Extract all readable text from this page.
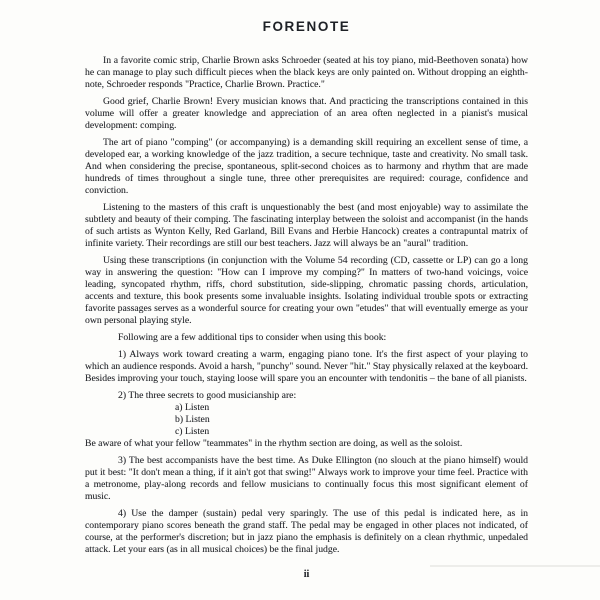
FORENOTE

In a favorite comic strip, Charlie Brown asks Schroeder (seated at his toy piano, mid-Beethoven sonata) how he can manage to play such difficult pieces when the black keys are only painted on. Without dropping an eighth-note, Schroeder responds "Practice, Charlie Brown. Practice."

Good grief, Charlie Brown! Every musician knows that. And practicing the transcriptions contained in this volume will offer a greater knowledge and appreciation of an area often neglected in a pianist's musical development: comping.

The art of piano "comping" (or accompanying) is a demanding skill requiring an excellent sense of time, a developed ear, a working knowledge of the jazz tradition, a secure technique, taste and creativity. No small task. And when considering the precise, spontaneous, split-second choices as to harmony and rhythm that are made hundreds of times throughout a single tune, three other prerequisites are required: courage, confidence and conviction.

Listening to the masters of this craft is unquestionably the best (and most enjoyable) way to assimilate the subtlety and beauty of their comping. The fascinating interplay between the soloist and accompanist (in the hands of such artists as Wynton Kelly, Red Garland, Bill Evans and Herbie Hancock) creates a contrapuntal matrix of infinite variety. Their recordings are still our best teachers. Jazz will always be an "aural" tradition.

Using these transcriptions (in conjunction with the Volume 54 recording (CD, cassette or LP) can go a long way in answering the question: "How can I improve my comping?" In matters of two-hand voicings, voice leading, syncopated rhythm, riffs, chord substitution, side-slipping, chromatic passing chords, articulation, accents and texture, this book presents some invaluable insights. Isolating individual trouble spots or extracting favorite passages serves as a wonderful source for creating your own "etudes" that will eventually emerge as your own personal playing style.

Following are a few additional tips to consider when using this book:

1) Always work toward creating a warm, engaging piano tone. It's the first aspect of your playing to which an audience responds. Avoid a harsh, "punchy" sound. Never "hit." Stay physically relaxed at the keyboard. Besides improving your touch, staying loose will spare you an encounter with tendonitis – the bane of all pianists.

2) The three secrets to good musicianship are:

a) Listen
b) Listen
c) Listen

Be aware of what your fellow "teammates" in the rhythm section are doing, as well as the soloist.

3) The best accompanists have the best time. As Duke Ellington (no slouch at the piano himself) would put it best: "It don't mean a thing, if it ain't got that swing!" Always work to improve your time feel. Practice with a metronome, play-along records and fellow musicians to continually focus this most significant element of music.

4) Use the damper (sustain) pedal very sparingly. The use of this pedal is indicated here, as in contemporary piano scores beneath the grand staff. The pedal may be engaged in other places not indicated, of course, at the performer's discretion; but in jazz piano the emphasis is definitely on a clean rhythmic, unpedaled attack. Let your ears (as in all musical choices) be the final judge.

ii
